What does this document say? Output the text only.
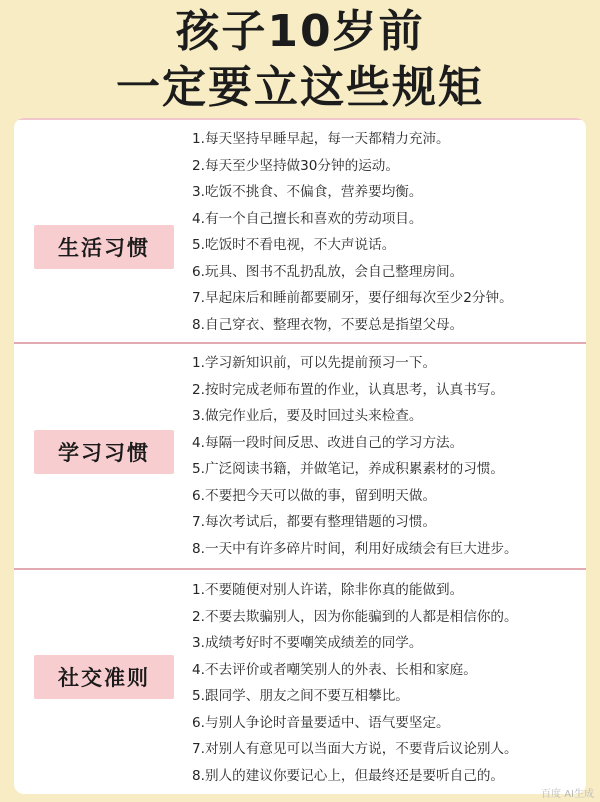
孩子10岁前
一定要立这些规矩
生活习惯
1.每天坚持早睡早起，每一天都精力充沛。
2.每天至少坚持做30分钟的运动。
3.吃饭不挑食、不偏食，营养要均衡。
4.有一个自己擅长和喜欢的劳动项目。
5.吃饭时不看电视，不大声说话。
6.玩具、图书不乱扔乱放，会自己整理房间。
7.早起床后和睡前都要刷牙，要仔细每次至少2分钟。
8.自己穿衣、整理衣物，不要总是指望父母。
学习习惯
1.学习新知识前，可以先提前预习一下。
2.按时完成老师布置的作业，认真思考，认真书写。
3.做完作业后，要及时回过头来检查。
4.每隔一段时间反思、改进自己的学习方法。
5.广泛阅读书籍，并做笔记，养成积累素材的习惯。
6.不要把今天可以做的事，留到明天做。
7.每次考试后，都要有整理错题的习惯。
8.一天中有许多碎片时间，利用好成绩会有巨大进步。
社交准则
1.不要随便对别人许诺，除非你真的能做到。
2.不要去欺骗别人，因为你能骗到的人都是相信你的。
3.成绩考好时不要嘲笑成绩差的同学。
4.不去评价或者嘲笑别人的外表、长相和家庭。
5.跟同学、朋友之间不要互相攀比。
6.与别人争论时音量要适中、语气要坚定。
7.对别人有意见可以当面大方说，不要背后议论别人。
8.别人的建议你要记心上，但最终还是要听自己的。
百度 AI生成
